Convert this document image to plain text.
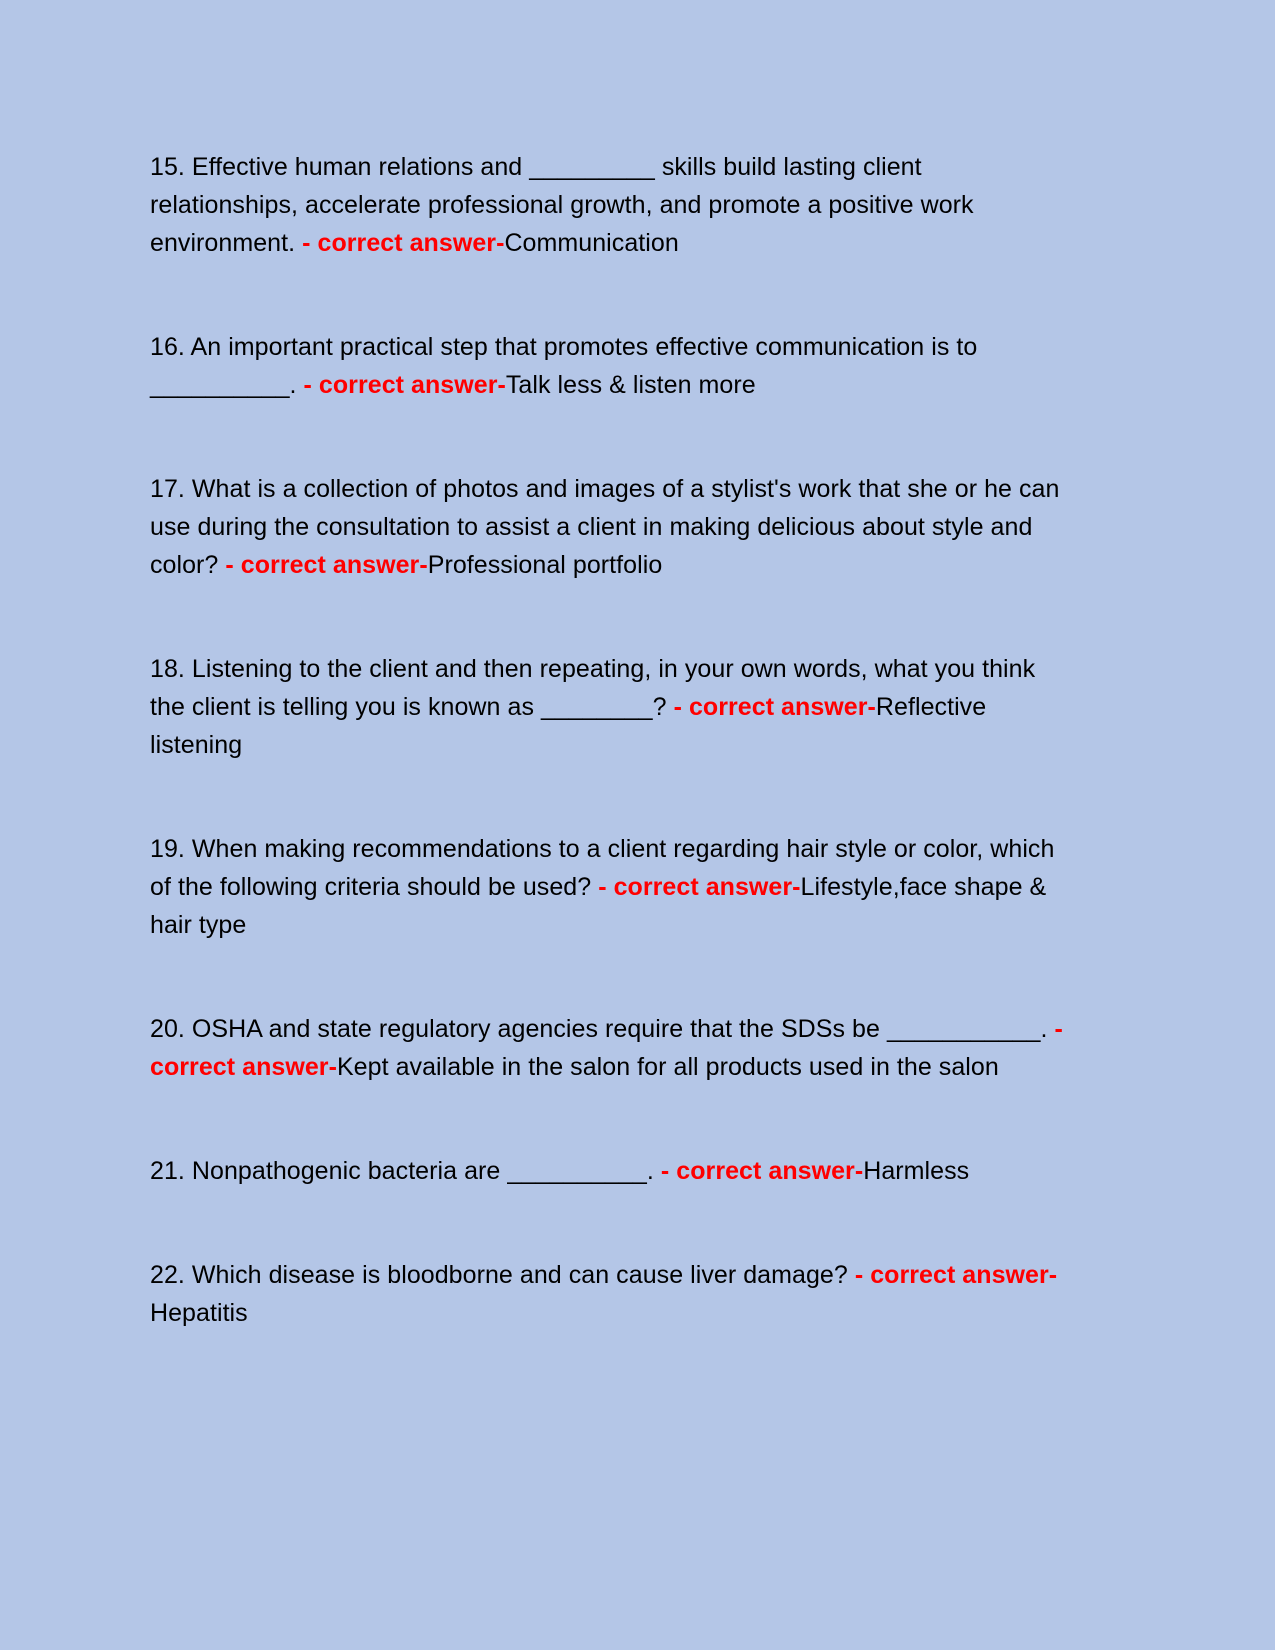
15. Effective human relations and _________ skills build lasting client relationships, accelerate professional growth, and promote a positive work environment. - correct answer-Communication

16. An important practical step that promotes effective communication is to __________. - correct answer-Talk less & listen more

17. What is a collection of photos and images of a stylist's work that she or he can use during the consultation to assist a client in making delicious about style and color? - correct answer-Professional portfolio

18. Listening to the client and then repeating, in your own words, what you think the client is telling you is known as ________? - correct answer-Reflective listening

19. When making recommendations to a client regarding hair style or color, which of the following criteria should be used? - correct answer-Lifestyle,face shape & hair type

20. OSHA and state regulatory agencies require that the SDSs be ___________. - correct answer-Kept available in the salon for all products used in the salon

21. Nonpathogenic bacteria are __________. - correct answer-Harmless

22. Which disease is bloodborne and can cause liver damage? - correct answer-Hepatitis
